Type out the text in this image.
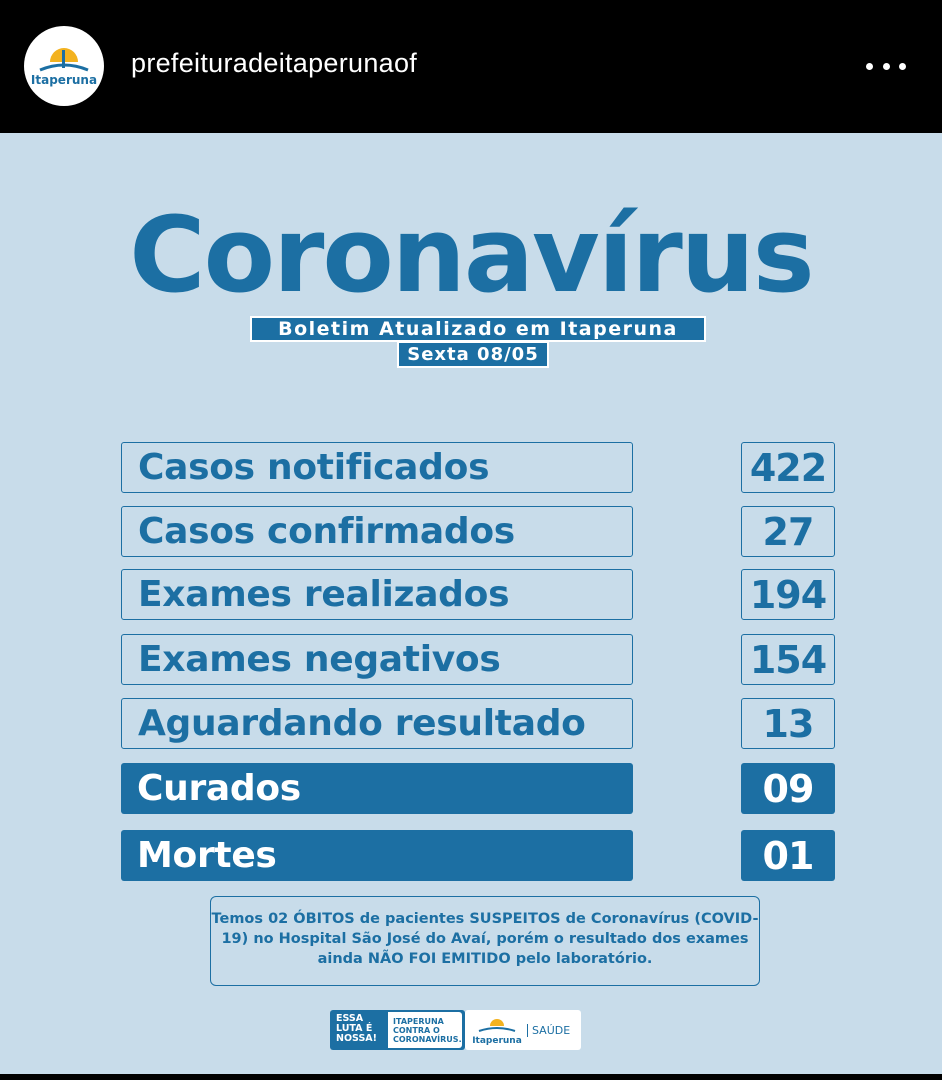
Itaperuna
prefeituradeitaperunaof
Coronavírus
Boletim Atualizado em Itaperuna
Sexta 08/05
Casos notificados	422
Casos confirmados	27
Exames realizados	194
Exames negativos	154
Aguardando resultado	13
Curados	09
Mortes	01
Temos 02 ÓBITOS de pacientes SUSPEITOS de Coronavírus (COVID-19) no Hospital São José do Avaí, porém o resultado dos exames ainda NÃO FOI EMITIDO pelo laboratório.
ESSA
LUTA É
NOSSA!
ITAPERUNA
CONTRA O
CORONAVÍRUS. Itaperuna
SAÚDE
